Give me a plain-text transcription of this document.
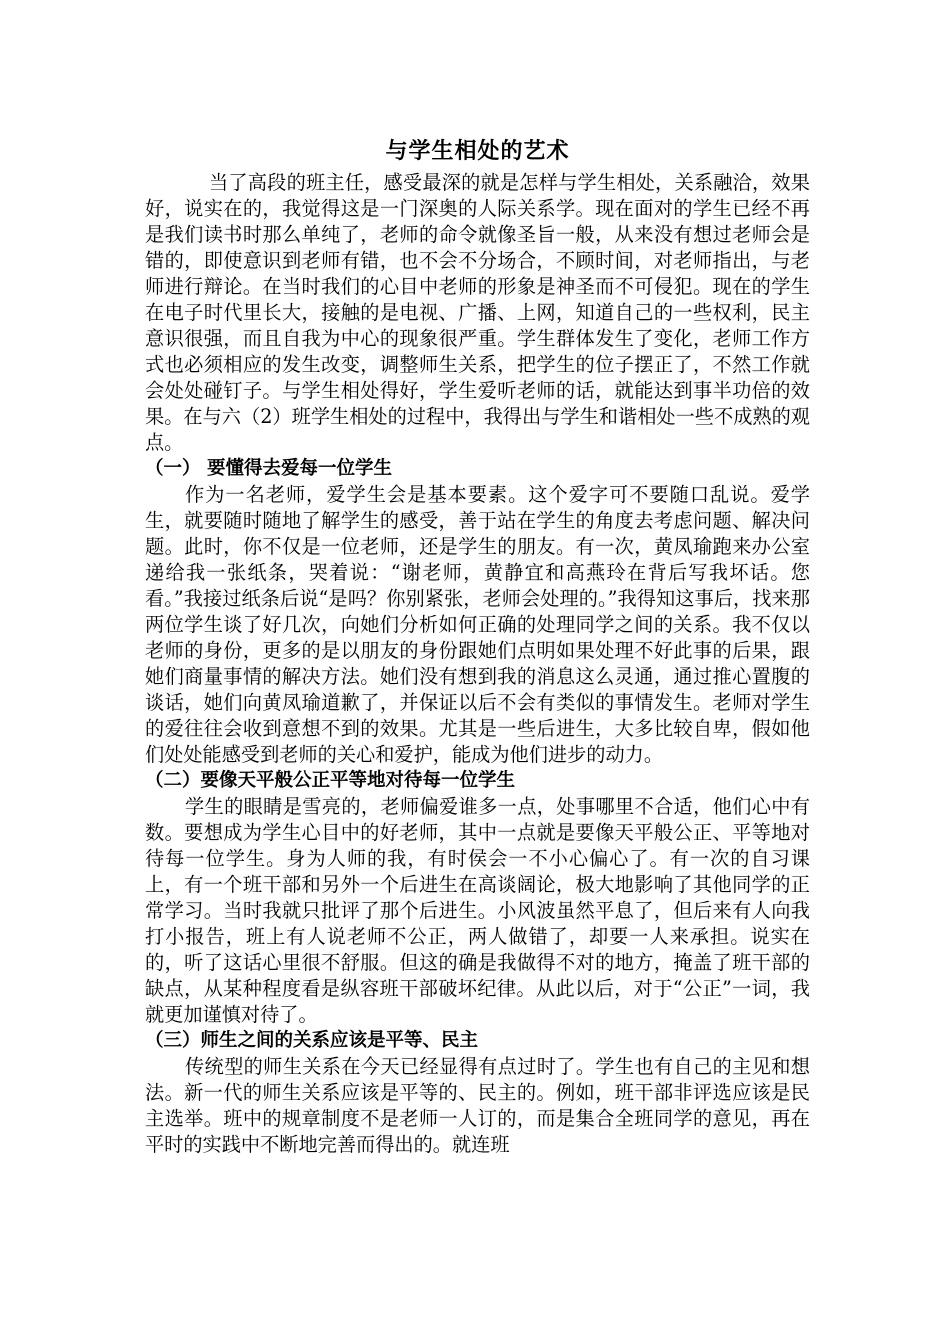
与学生相处的艺术

当了高段的班主任，感受最深的就是怎样与学生相处，关系融洽，效果好，说实在的，我觉得这是一门深奥的人际关系学。现在面对的学生已经不再是我们读书时那么单纯了，老师的命令就像圣旨一般，从来没有想过老师会是错的，即使意识到老师有错，也不会不分场合，不顾时间，对老师指出，与老师进行辩论。在当时我们的心目中老师的形象是神圣而不可侵犯。现在的学生在电子时代里长大，接触的是电视、广播、上网，知道自己的一些权利，民主意识很强，而且自我为中心的现象很严重。学生群体发生了变化，老师工作方式也必须相应的发生改变，调整师生关系，把学生的位子摆正了，不然工作就会处处碰钉子。与学生相处得好，学生爱听老师的话，就能达到事半功倍的效果。在与六（2）班学生相处的过程中，我得出与学生和谐相处一些不成熟的观点。

（一） 要懂得去爱每一位学生

作为一名老师，爱学生会是基本要素。这个爱字可不要随口乱说。爱学生，就要随时随地了解学生的感受，善于站在学生的角度去考虑问题、解决问题。此时，你不仅是一位老师，还是学生的朋友。有一次，黄凤瑜跑来办公室递给我一张纸条，哭着说：“谢老师，黄静宜和高燕玲在背后写我坏话。您看。”我接过纸条后说“是吗？你别紧张，老师会处理的。”我得知这事后，找来那两位学生谈了好几次，向她们分析如何正确的处理同学之间的关系。我不仅以老师的身份，更多的是以朋友的身份跟她们点明如果处理不好此事的后果，跟她们商量事情的解决方法。她们没有想到我的消息这么灵通，通过推心置腹的谈话，她们向黄凤瑜道歉了，并保证以后不会有类似的事情发生。老师对学生的爱往往会收到意想不到的效果。尤其是一些后进生，大多比较自卑，假如他们处处能感受到老师的关心和爱护，能成为他们进步的动力。

（二）要像天平般公正平等地对待每一位学生

学生的眼睛是雪亮的，老师偏爱谁多一点，处事哪里不合适，他们心中有数。要想成为学生心目中的好老师，其中一点就是要像天平般公正、平等地对待每一位学生。身为人师的我，有时侯会一不小心偏心了。有一次的自习课上，有一个班干部和另外一个后进生在高谈阔论，极大地影响了其他同学的正常学习。当时我就只批评了那个后进生。小风波虽然平息了，但后来有人向我打小报告，班上有人说老师不公正，两人做错了，却要一人来承担。说实在的，听了这话心里很不舒服。但这的确是我做得不对的地方，掩盖了班干部的缺点，从某种程度看是纵容班干部破坏纪律。从此以后，对于“公正”一词，我就更加谨慎对待了。

（三）师生之间的关系应该是平等、民主

传统型的师生关系在今天已经显得有点过时了。学生也有自己的主见和想法。新一代的师生关系应该是平等的、民主的。例如，班干部非评选应该是民主选举。班中的规章制度不是老师一人订的，而是集合全班同学的意见，再在平时的实践中不断地完善而得出的。就连班
